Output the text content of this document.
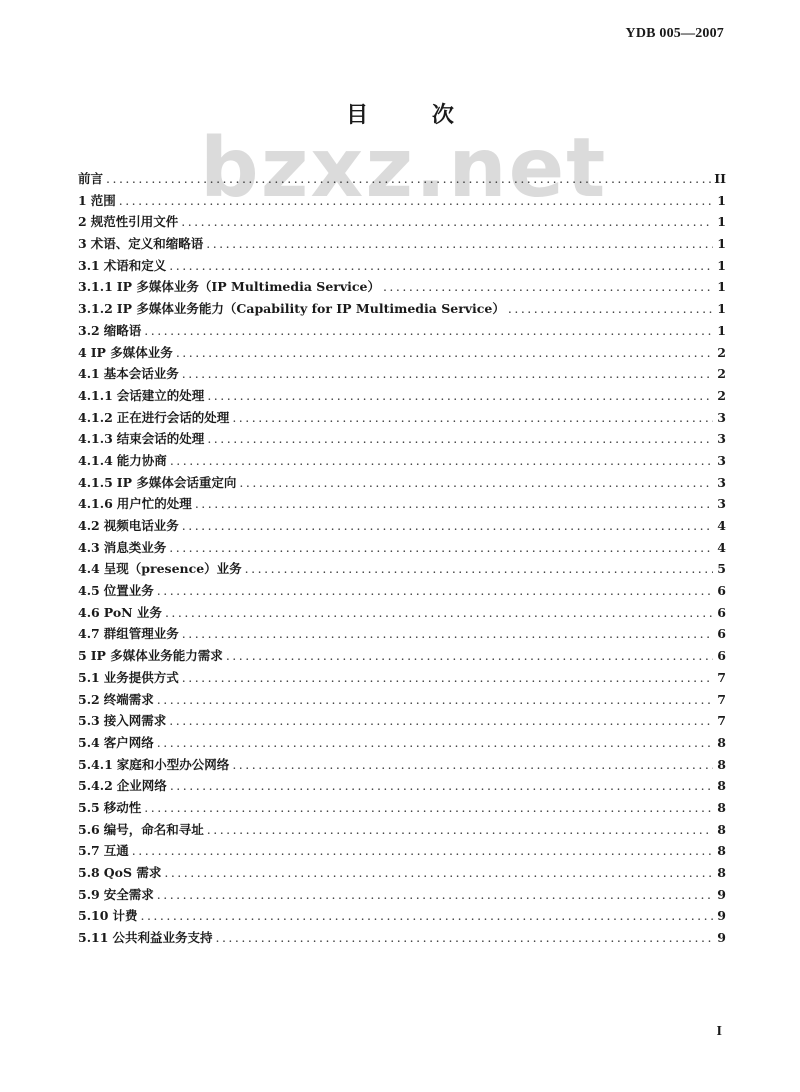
YDB 005—2007
目 次
bzxz.net
前言 .....	II
1 范围 .....	1
2 规范性引用文件 .....	1
3 术语、定义和缩略语 .....	1
3.1 术语和定义 .....	1
3.1.1 IP 多媒体业务（IP Multimedia Service） .....	1
3.1.2 IP 多媒体业务能力（Capability for IP Multimedia Service） .....	1
3.2 缩略语 .....	1
4 IP 多媒体业务 .....	2
4.1 基本会话业务 .....	2
4.1.1 会话建立的处理 .....	2
4.1.2 正在进行会话的处理 .....	3
4.1.3 结束会话的处理 .....	3
4.1.4 能力协商 .....	3
4.1.5 IP 多媒体会话重定向 .....	3
4.1.6 用户忙的处理 .....	3
4.2 视频电话业务 .....	4
4.3 消息类业务 .....	4
4.4 呈现（presence）业务 .....	5
4.5 位置业务 .....	6
4.6 PoN 业务 .....	6
4.7 群组管理业务 .....	6
5 IP 多媒体业务能力需求 .....	6
5.1 业务提供方式 .....	7
5.2 终端需求 .....	7
5.3 接入网需求 .....	7
5.4 客户网络 .....	8
5.4.1 家庭和小型办公网络 .....	8
5.4.2 企业网络 .....	8
5.5 移动性 .....	8
5.6 编号，命名和寻址 .....	8
5.7 互通 .....	8
5.8 QoS 需求 .....	8
5.9 安全需求 .....	9
5.10 计费 .....	9
5.11 公共利益业务支持 .....	9
I
